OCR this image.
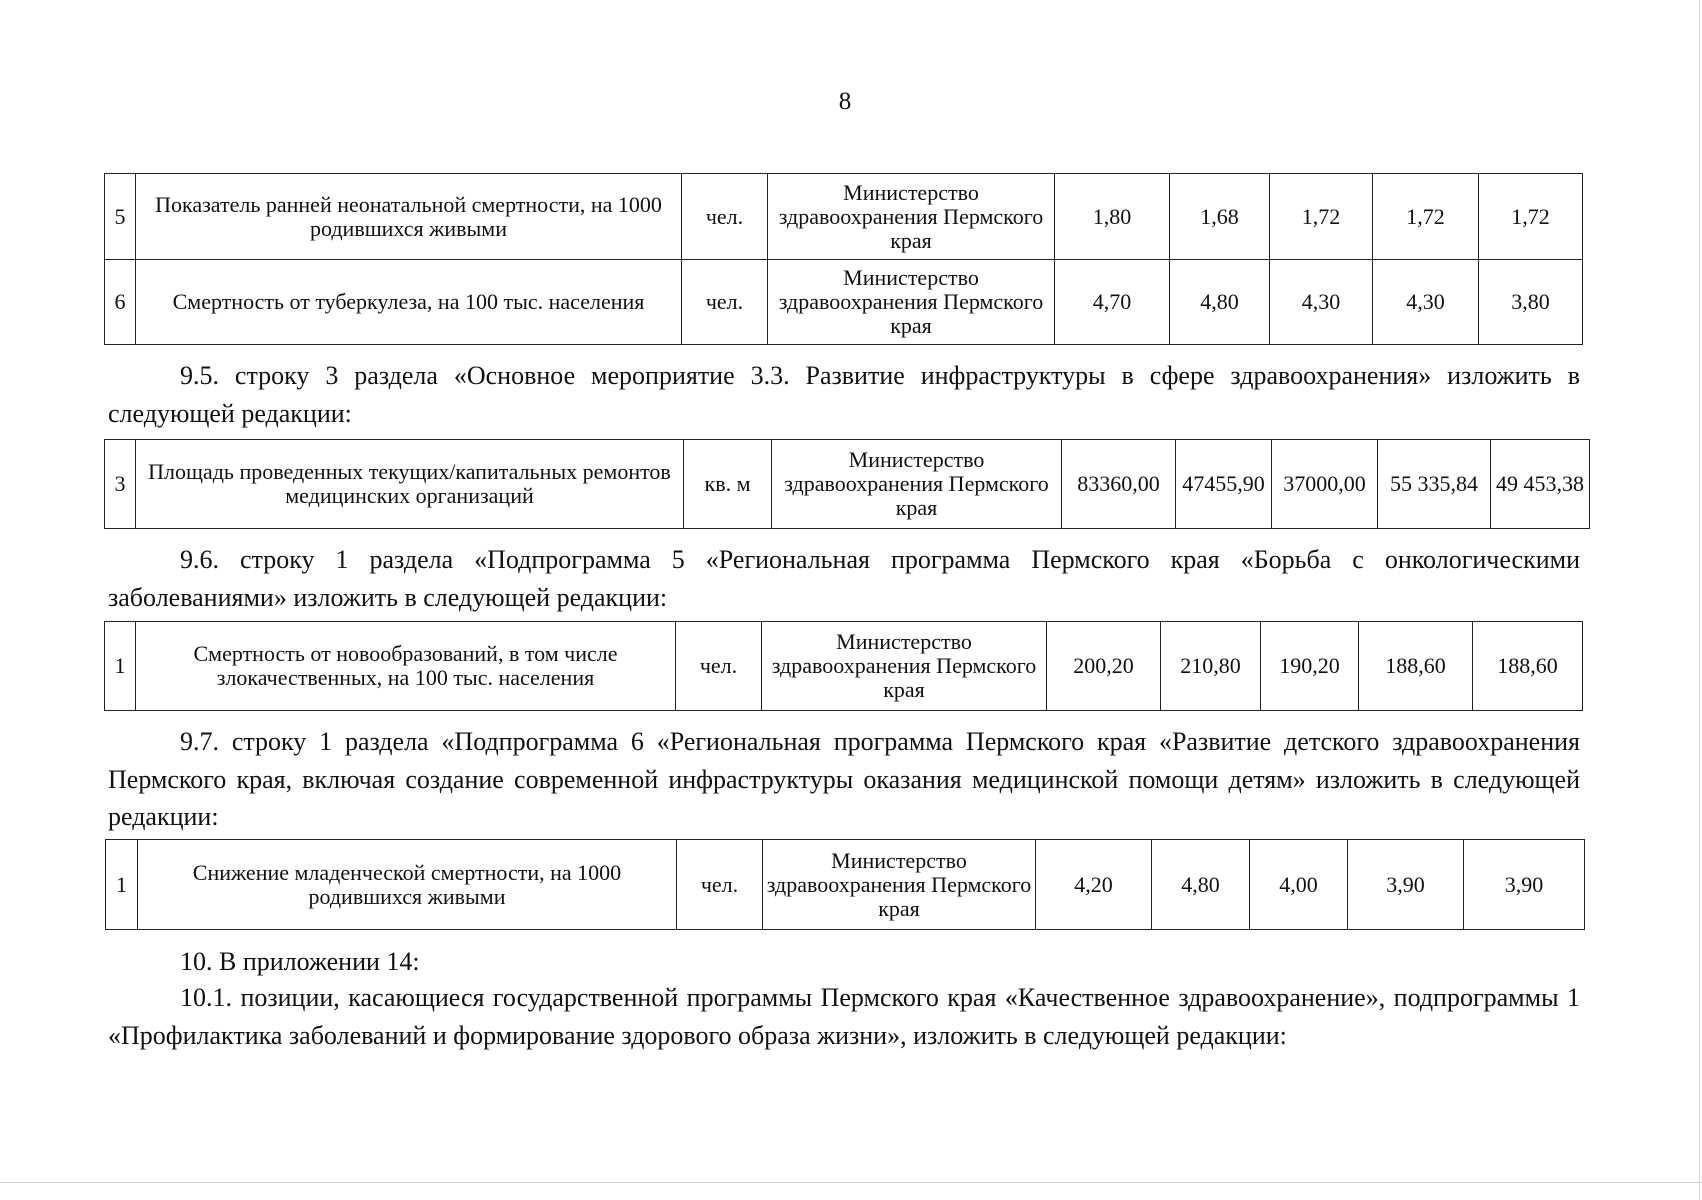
8
5	Показатель ранней неонатальной смертности, на 1000 родившихся живыми	чел.	Министерство здравоохранения Пермского края	1,80	1,68	1,72	1,72	1,72
6	Смертность от туберкулеза, на 100 тыс. населения	чел.	Министерство здравоохранения Пермского края	4,70	4,80	4,30	4,30	3,80
9.5. строку 3 раздела «Основное мероприятие 3.3. Развитие инфраструктуры в сфере здравоохранения» изложить в следующей редакции:
3	Площадь проведенных текущих/капитальных ремонтов медицинских организаций	кв. м	Министерство здравоохранения Пермского края	83360,00	47455,90	37000,00	55 335,84	49 453,38
9.6. строку 1 раздела «Подпрограмма 5 «Региональная программа Пермского края «Борьба с онкологическими заболеваниями» изложить в следующей редакции:
1	Смертность от новообразований, в том числе злокачественных, на 100 тыс. населения	чел.	Министерство здравоохранения Пермского края	200,20	210,80	190,20	188,60	188,60
9.7. строку 1 раздела «Подпрограмма 6 «Региональная программа Пермского края «Развитие детского здравоохранения Пермского края, включая создание современной инфраструктуры оказания медицинской помощи детям» изложить в следующей редакции:
1	Снижение младенческой смертности, на 1000 родившихся живыми	чел.	Министерство здравоохранения Пермского края	4,20	4,80	4,00	3,90	3,90
10. В приложении 14:
10.1. позиции, касающиеся государственной программы Пермского края «Качественное здравоохранение», подпрограммы 1 «Профилактика заболеваний и формирование здорового образа жизни», изложить в следующей редакции:
